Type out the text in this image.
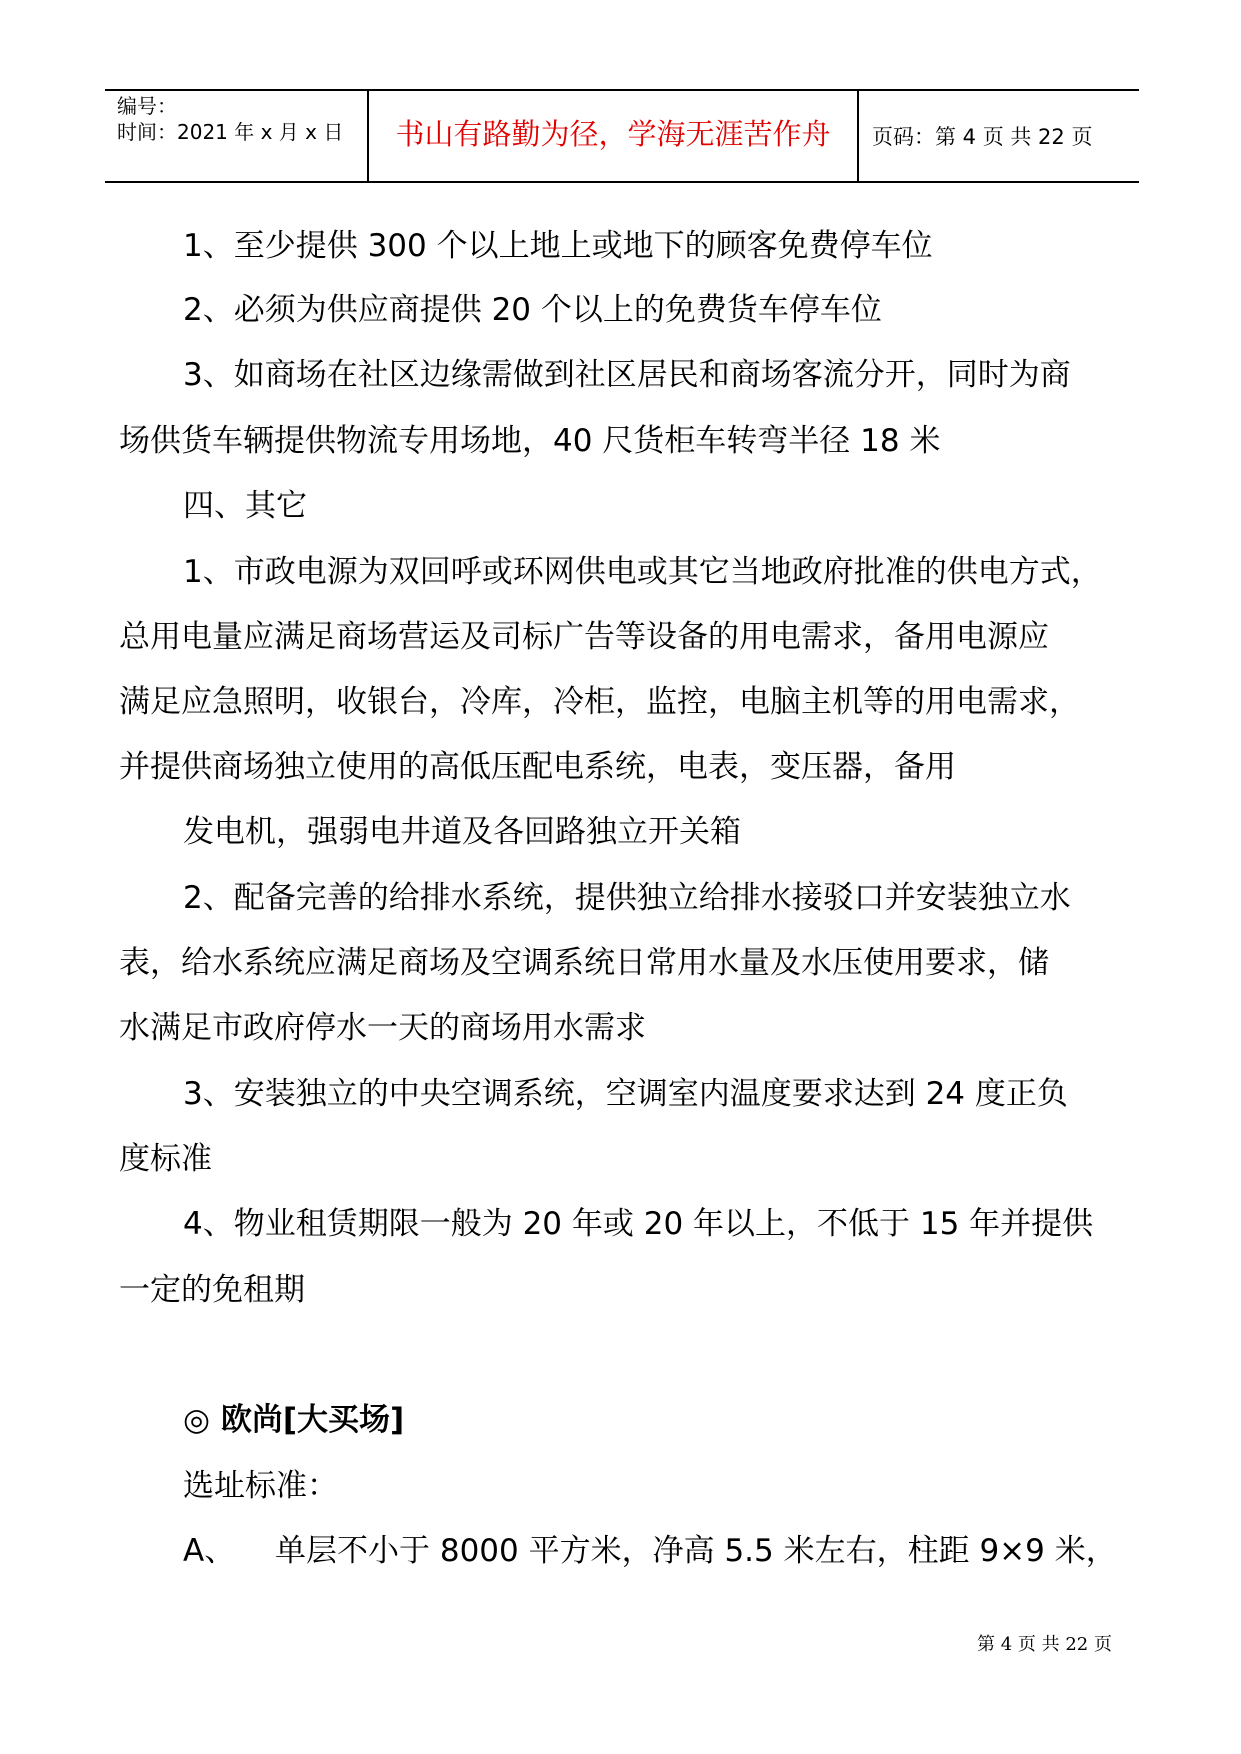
编号：
时间：2021 年 x 月 x 日	书山有路勤为径，学海无涯苦作舟	页码：第 4 页 共 22 页
1、至少提供 300 个以上地上或地下的顾客免费停车位
2、必须为供应商提供 20 个以上的免费货车停车位
3、如商场在社区边缘需做到社区居民和商场客流分开，同时为商
场供货车辆提供物流专用场地，40 尺货柜车转弯半径 18 米
四、其它
1、市政电源为双回呼或环网供电或其它当地政府批准的供电方式，
总用电量应满足商场营运及司标广告等设备的用电需求，备用电源应
满足应急照明，收银台，冷库，冷柜，监控，电脑主机等的用电需求，
并提供商场独立使用的高低压配电系统，电表，变压器，备用
发电机，强弱电井道及各回路独立开关箱
2、配备完善的给排水系统，提供独立给排水接驳口并安装独立水
表，给水系统应满足商场及空调系统日常用水量及水压使用要求，储
水满足市政府停水一天的商场用水需求
3、安装独立的中央空调系统，空调室内温度要求达到 24 度正负
度标准
4、物业租赁期限一般为 20 年或 20 年以上，不低于 15 年并提供
一定的免租期
◎ 欧尚[大买场]
选址标准：
A、 单层不小于 8000 平方米，净高 5.5 米左右，柱距 9×9 米，
第 4 页 共 22 页
